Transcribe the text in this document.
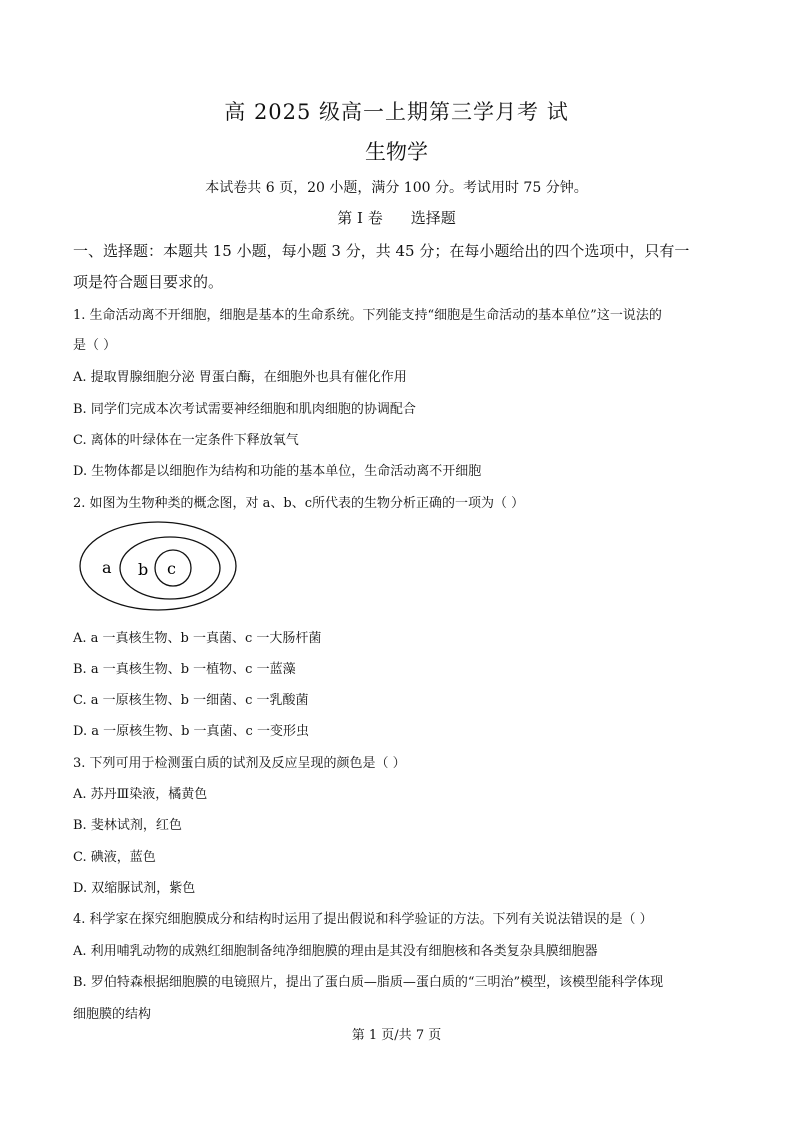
高 2025 级高一上期第三学月考 试
生物学
本试卷共 6 页，20 小题，满分 100 分。考试用时 75 分钟。
第 I 卷 选择题
一、选择题：本题共 15 小题，每小题 3 分，共 45 分；在每小题给出的四个选项中，只有一
项是符合题目要求的。
1. 生命活动离不开细胞，细胞是基本的生命系统。下列能支持“细胞是生命活动的基本单位”这一说法的
是（ ）
A. 提取胃腺细胞分泌 胃蛋白酶，在细胞外也具有催化作用
B. 同学们完成本次考试需要神经细胞和肌肉细胞的协调配合
C. 离体的叶绿体在一定条件下释放氧气
D. 生物体都是以细胞作为结构和功能的基本单位，生命活动离不开细胞
2. 如图为生物种类的概念图，对 a、b、c所代表的生物分析正确的一项为（ ）
a b c
A. a 一真核生物、b 一真菌、c 一大肠杆菌
B. a 一真核生物、b 一植物、c 一蓝藻
C. a 一原核生物、b 一细菌、c 一乳酸菌
D. a 一原核生物、b 一真菌、c 一变形虫
3. 下列可用于检测蛋白质的试剂及反应呈现的颜色是（ ）
A. 苏丹Ⅲ染液，橘黄色
B. 斐林试剂，红色
C. 碘液，蓝色
D. 双缩脲试剂，紫色
4. 科学家在探究细胞膜成分和结构时运用了提出假说和科学验证的方法。下列有关说法错误的是（ ）
A. 利用哺乳动物的成熟红细胞制备纯净细胞膜的理由是其没有细胞核和各类复杂具膜细胞器
B. 罗伯特森根据细胞膜的电镜照片，提出了蛋白质—脂质—蛋白质的“三明治”模型，该模型能科学体现
细胞膜的结构
第 1 页/共 7 页
